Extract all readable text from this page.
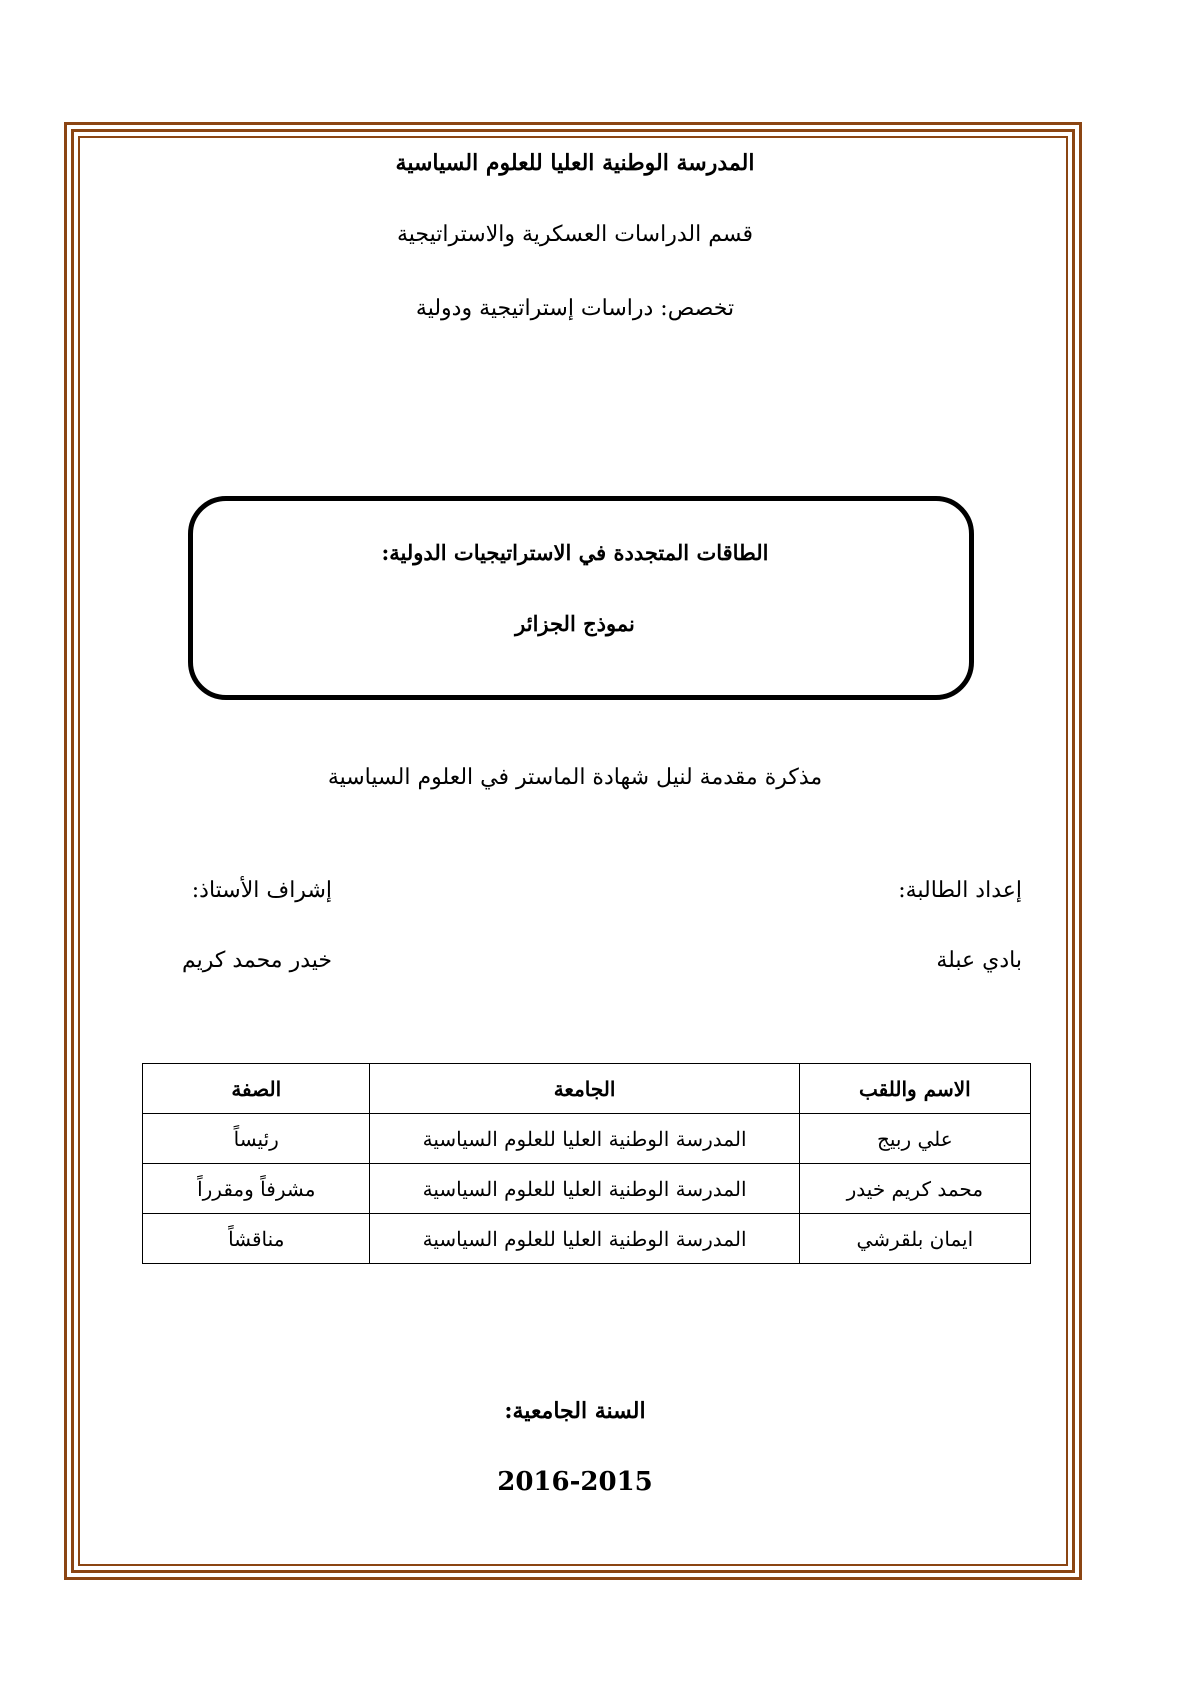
المدرسة الوطنية العليا للعلوم السياسية
قسم الدراسات العسكرية والاستراتيجية
تخصص: دراسات إستراتيجية ودولية
الطاقات المتجددة في الاستراتيجيات الدولية:
نموذج الجزائر
مذكرة مقدمة لنيل شهادة الماستر في العلوم السياسية
إعداد الطالبة:
بادي عبلة
إشراف الأستاذ:
خيدر محمد كريم
الاسم واللقب	الجامعة	الصفة
علي ربيج	المدرسة الوطنية العليا للعلوم السياسية	رئيساً
محمد كريم خيدر	المدرسة الوطنية العليا للعلوم السياسية	مشرفاً ومقرراً
ايمان بلقرشي	المدرسة الوطنية العليا للعلوم السياسية	مناقشاً
السنة الجامعية:
2016-2015
